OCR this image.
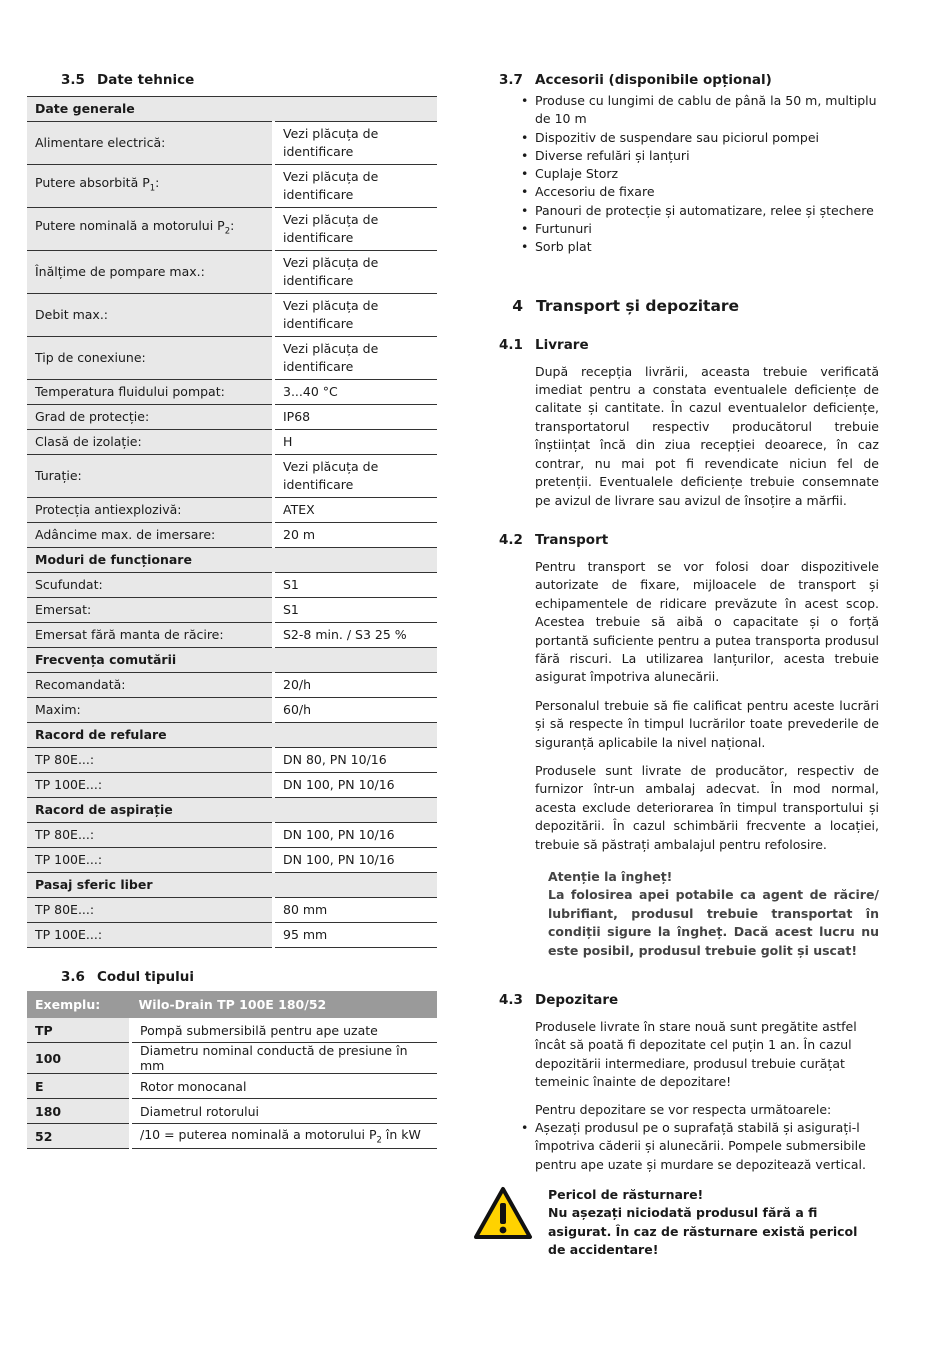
3.5 Date tehnice
Date generale	
Alimentare electrică:	Vezi plăcuța de identificare
Putere absorbită $P_1$:	Vezi plăcuța de identificare
Putere nominală a motorului $P_2$:	Vezi plăcuța de identificare
Înălțime de pompare max.:	Vezi plăcuța de identificare
Debit max.:	Vezi plăcuța de identificare
Tip de conexiune:	Vezi plăcuța de identificare
Temperatura fluidului pompat:	3...40 °C
Grad de protecție:	IP68
Clasă de izolație:	H
Turație:	Vezi plăcuța de identificare
Protecția antiexplozivă:	ATEX
Adâncime max. de imersare:	20 m
Moduri de funcționare	
Scufundat:	S1
Emersat:	S1
Emersat fără manta de răcire:	S2-8 min. / S3 25 %
Frecvența comutării	
Recomandată:	20/h
Maxim:	60/h
Racord de refulare	
TP 80E...:	DN 80, PN 10/16
TP 100E...:	DN 100, PN 10/16
Racord de aspirație	
TP 80E...:	DN 100, PN 10/16
TP 100E...:	DN 100, PN 10/16
Pasaj sferic liber	
TP 80E...:	80 mm
TP 100E...:	95 mm
3.6 Codul tipului
Exemplu:	Wilo-Drain TP 100E 180/52
TP	Pompă submersibilă pentru ape uzate
100	Diametru nominal conductă de presiune în mm
E	Rotor monocanal
180	Diametrul rotorului
52	/10 = puterea nominală a motorului $P_2$ în kW
3.7 Accesorii (disponibile opțional)
• Produse cu lungimi de cablu de până la 50 m, multiplu de 10 m
• Dispozitiv de suspendare sau piciorul pompei
• Diverse refulări și lanțuri
• Cuplaje Storz
• Accesoriu de fixare
• Panouri de protecție și automatizare, relee și ștechere
• Furtunuri
• Sorb plat
4 Transport și depozitare
4.1 Livrare

După recepția livrării, aceasta trebuie verificată imediat pentru a constata eventualele deficiențe de calitate și cantitate. În cazul eventualelor deficiențe, transportatorul respectiv producătorul trebuie înștiințat încă din ziua recepției deoarece, în caz contrar, nu mai pot fi revendicate niciun fel de pretenții. Eventualele deficiențe trebuie consemnate pe avizul de livrare sau avizul de însoțire a mărfii.

4.2 Transport

Pentru transport se vor folosi doar dispozitivele autorizate de fixare, mijloacele de transport și echipamentele de ridicare prevăzute în acest scop. Acestea trebuie să aibă o capacitate și o forță portantă suficiente pentru a putea transporta produsul fără riscuri. La utilizarea lanțurilor, acesta trebuie asigurat împotriva alunecării.

Personalul trebuie să fie calificat pentru aceste lucrări și să respecte în timpul lucrărilor toate prevederile de siguranță aplicabile la nivel național.

Produsele sunt livrate de producător, respectiv de furnizor într-un ambalaj adecvat. În mod normal, acesta exclude deteriorarea în timpul transportului și depozitării. În cazul schimbării frecvente a locației, trebuie să păstrați ambalajul pentru refolosire.

Atenție la îngheț!
La folosirea apei potabile ca agent de răcire/ lubrifiant, produsul trebuie transportat în condiții sigure la îngheț. Dacă acest lucru nu este posibil, produsul trebuie golit și uscat!
4.3 Depozitare

Produsele livrate în stare nouă sunt pregătite astfel încât să poată fi depozitate cel puțin 1 an. În cazul depozitării intermediare, produsul trebuie curățat temeinic înainte de depozitare!

Pentru depozitare se vor respecta următoarele:

• Așezați produsul pe o suprafață stabilă și asigurați-l împotriva căderii și alunecării. Pompele submersibile pentru ape uzate și murdare se depozitează vertical.
Pericol de răsturnare!
Nu așezați niciodată produsul fără a fi asigurat. În caz de răsturnare există pericol de accidentare!
